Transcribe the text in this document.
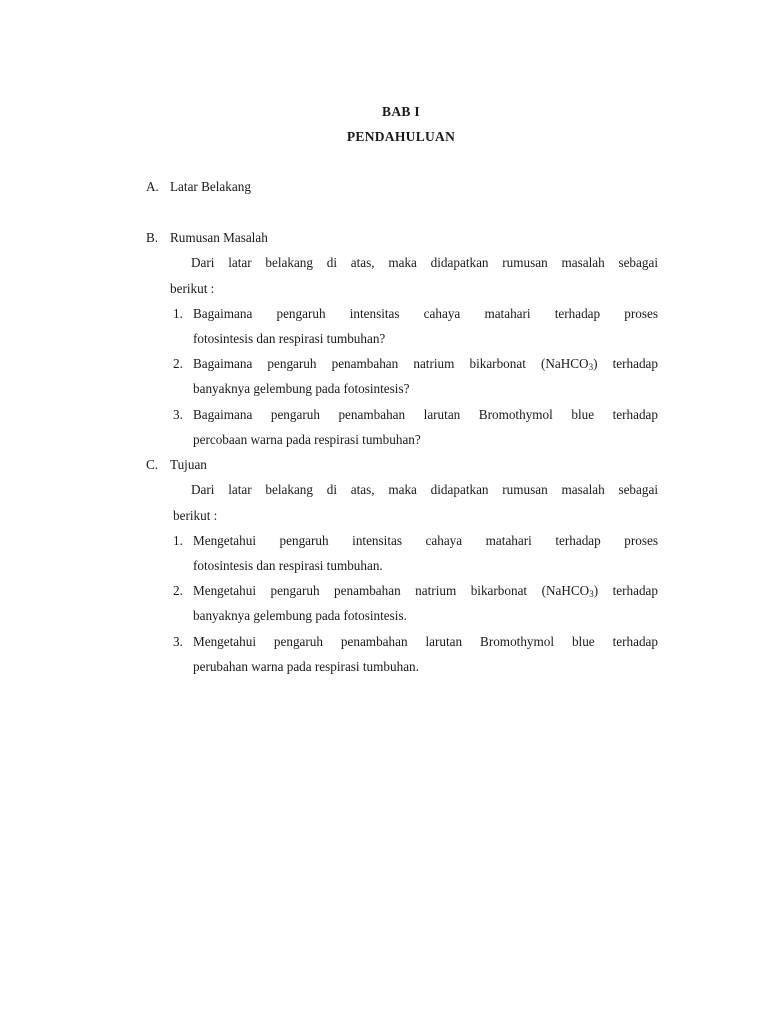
BAB I
PENDAHULUAN
A. Latar Belakang
B. Rumusan Masalah
Dari latar belakang di atas, maka didapatkan rumusan masalah sebagai
berikut :
1. Bagaimana pengaruh intensitas cahaya matahari terhadap proses
fotosintesis dan respirasi tumbuhan?
2. Bagaimana pengaruh penambahan natrium bikarbonat (NaHCO$_3$) terhadap
banyaknya gelembung pada fotosintesis?
3. Bagaimana pengaruh penambahan larutan Bromothymol blue terhadap
percobaan warna pada respirasi tumbuhan?
C. Tujuan
Dari latar belakang di atas, maka didapatkan rumusan masalah sebagai
berikut :
1. Mengetahui pengaruh intensitas cahaya matahari terhadap proses
fotosintesis dan respirasi tumbuhan.
2. Mengetahui pengaruh penambahan natrium bikarbonat (NaHCO$_3$) terhadap
banyaknya gelembung pada fotosintesis.
3. Mengetahui pengaruh penambahan larutan Bromothymol blue terhadap
perubahan warna pada respirasi tumbuhan.
